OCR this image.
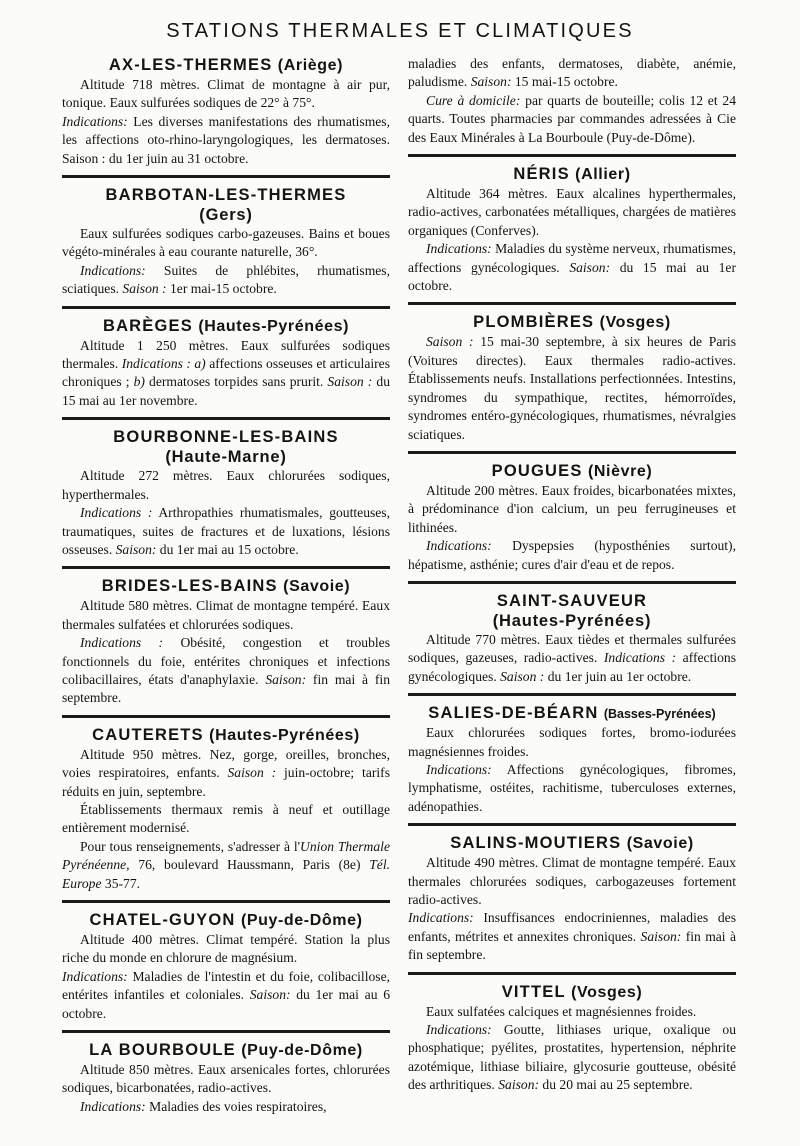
STATIONS THERMALES ET CLIMATIQUES
AX-LES-THERMES (Ariège)

Altitude 718 mètres. Climat de montagne à air pur, tonique. Eaux sulfurées sodiques de 22° à 75°.

Indications: Les diverses manifestations des rhumatismes, les affections oto-rhino-laryngologiques, les dermatoses. Saison : du 1er juin au 31 octobre.

BARBOTAN-LES-THERMES
(Gers)

Eaux sulfurées sodiques carbo-gazeuses. Bains et boues végéto-minérales à eau courante naturelle, 36°.

Indications: Suites de phlébites, rhumatismes, sciatiques. Saison : 1er mai-15 octobre.

BARÈGES (Hautes-Pyrénées)

Altitude 1 250 mètres. Eaux sulfurées sodiques thermales. Indications : a) affections osseuses et articulaires chroniques ; b) dermatoses torpides sans prurit. Saison : du 15 mai au 1er novembre.

BOURBONNE-LES-BAINS
(Haute-Marne)

Altitude 272 mètres. Eaux chlorurées sodiques, hyperthermales.

Indications : Arthropathies rhumatismales, goutteuses, traumatiques, suites de fractures et de luxations, lésions osseuses. Saison: du 1er mai au 15 octobre.

BRIDES-LES-BAINS (Savoie)

Altitude 580 mètres. Climat de montagne tempéré. Eaux thermales sulfatées et chlorurées sodiques.

Indications : Obésité, congestion et troubles fonctionnels du foie, entérites chroniques et infections colibacillaires, états d'anaphylaxie. Saison: fin mai à fin septembre.

CAUTERETS (Hautes-Pyrénées)

Altitude 950 mètres. Nez, gorge, oreilles, bronches, voies respiratoires, enfants. Saison : juin-octobre; tarifs réduits en juin, septembre.

Établissements thermaux remis à neuf et outillage entièrement modernisé.

Pour tous renseignements, s'adresser à l'Union Thermale Pyrénéenne, 76, boulevard Haussmann, Paris (8e) Tél. Europe 35-77.

CHATEL-GUYON (Puy-de-Dôme)

Altitude 400 mètres. Climat tempéré. Station la plus riche du monde en chlorure de magnésium.

Indications: Maladies de l'intestin et du foie, colibacillose, entérites infantiles et coloniales. Saison: du 1er mai au 6 octobre.

LA BOURBOULE (Puy-de-Dôme)

Altitude 850 mètres. Eaux arsenicales fortes, chlorurées sodiques, bicarbonatées, radio-actives.

Indications: Maladies des voies respiratoires,

maladies des enfants, dermatoses, diabète, anémie, paludisme. Saison: 15 mai-15 octobre.

Cure à domicile: par quarts de bouteille; colis 12 et 24 quarts. Toutes pharmacies par commandes adressées à Cie des Eaux Minérales à La Bourboule (Puy-de-Dôme).

NÉRIS (Allier)

Altitude 364 mètres. Eaux alcalines hyperthermales, radio-actives, carbonatées métalliques, chargées de matières organiques (Conferves).

Indications: Maladies du système nerveux, rhumatismes, affections gynécologiques. Saison: du 15 mai au 1er octobre.

PLOMBIÈRES (Vosges)

Saison : 15 mai-30 septembre, à six heures de Paris (Voitures directes). Eaux thermales radio-actives. Établissements neufs. Installations perfectionnées. Intestins, syndromes du sympathique, rectites, hémorroïdes, syndromes entéro-gynécologiques, rhumatismes, névralgies sciatiques.

POUGUES (Nièvre)

Altitude 200 mètres. Eaux froides, bicarbonatées mixtes, à prédominance d'ion calcium, un peu ferrugineuses et lithinées.

Indications: Dyspepsies (hyposthénies surtout), hépatisme, asthénie; cures d'air d'eau et de repos.

SAINT-SAUVEUR
(Hautes-Pyrénées)

Altitude 770 mètres. Eaux tièdes et thermales sulfurées sodiques, gazeuses, radio-actives. Indications : affections gynécologiques. Saison : du 1er juin au 1er octobre.

SALIES-DE-BÉARN (Basses-Pyrénées)

Eaux chlorurées sodiques fortes, bromo-iodurées magnésiennes froides.

Indications: Affections gynécologiques, fibromes, lymphatisme, ostéites, rachitisme, tuberculoses externes, adénopathies.

SALINS-MOUTIERS (Savoie)

Altitude 490 mètres. Climat de montagne tempéré. Eaux thermales chlorurées sodiques, carbogazeuses fortement radio-actives.

Indications: Insuffisances endocriniennes, maladies des enfants, métrites et annexites chroniques. Saison: fin mai à fin septembre.

VITTEL (Vosges)

Eaux sulfatées calciques et magnésiennes froides.

Indications: Goutte, lithiases urique, oxalique ou phosphatique; pyélites, prostatites, hypertension, néphrite azotémique, lithiase biliaire, glycosurie goutteuse, obésité des arthritiques. Saison: du 20 mai au 25 septembre.
